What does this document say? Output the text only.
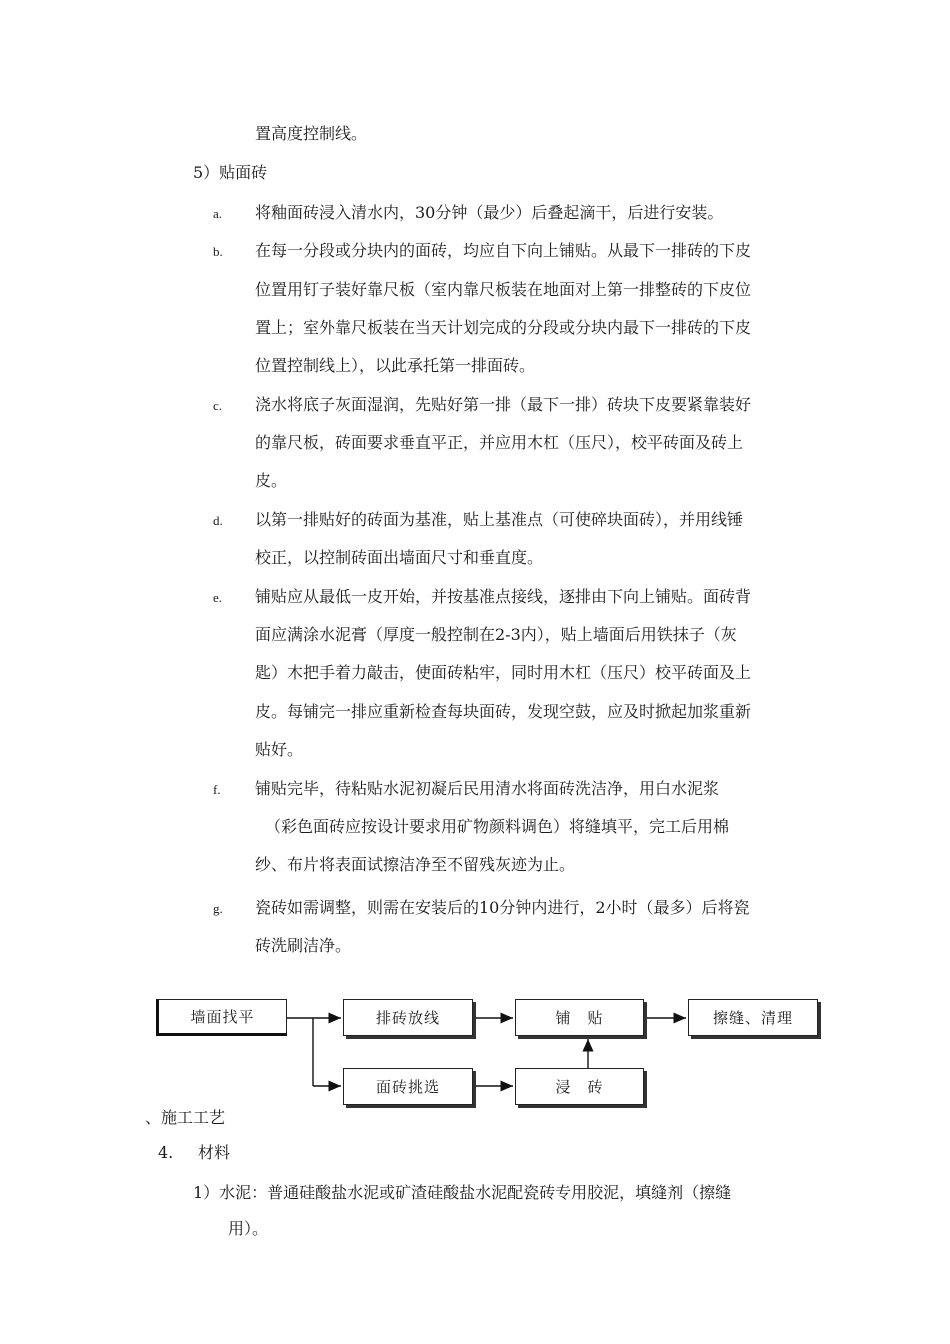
置高度控制线。
5）贴面砖
a. 将釉面砖浸入清水内，30分钟（最少）后叠起滴干，后进行安装。
b. 在每一分段或分块内的面砖，均应自下向上铺贴。从最下一排砖的下皮
位置用钉子装好靠尺板（室内靠尺板装在地面对上第一排整砖的下皮位
置上；室外靠尺板装在当天计划完成的分段或分块内最下一排砖的下皮
位置控制线上），以此承托第一排面砖。
c. 浇水将底子灰面湿润，先贴好第一排（最下一排）砖块下皮要紧靠装好
的靠尺板，砖面要求垂直平正，并应用木杠（压尺），校平砖面及砖上
皮。
d. 以第一排贴好的砖面为基准，贴上基准点（可使碎块面砖），并用线锤
校正，以控制砖面出墙面尺寸和垂直度。
e. 铺贴应从最低一皮开始，并按基准点接线，逐排由下向上铺贴。面砖背
面应满涂水泥膏（厚度一般控制在2-3内），贴上墙面后用铁抹子（灰
匙）木把手着力敲击，使面砖粘牢，同时用木杠（压尺）校平砖面及上
皮。每铺完一排应重新检查每块面砖，发现空鼓，应及时掀起加浆重新
贴好。
f. 铺贴完毕，待粘贴水泥初凝后民用清水将面砖洗洁净，用白水泥浆
（彩色面砖应按设计要求用矿物颜料调色）将缝填平，完工后用棉
纱、布片将表面试擦洁净至不留残灰迹为止。
g. 瓷砖如需调整，则需在安装后的10分钟内进行，2小时（最多）后将瓷
砖洗刷洁净。
墙面找平	排砖放线	铺　贴	擦缝、清理
面砖挑选	浸　砖
、施工工艺
4. 材料
1）水泥：普通硅酸盐水泥或矿渣硅酸盐水泥配瓷砖专用胶泥，填缝剂（擦缝
用）。
